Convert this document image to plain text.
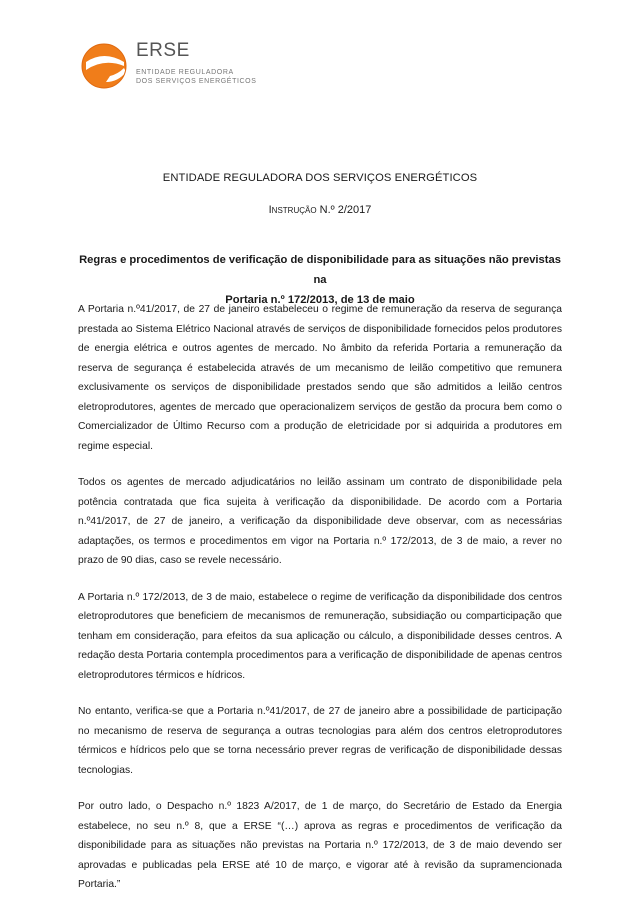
ERSE
ENTIDADE REGULADORA
DOS SERVIÇOS ENERGÉTICOS
ENTIDADE REGULADORA DOS SERVIÇOS ENERGÉTICOS
Instrução N.º 2/2017
Regras e procedimentos de verificação de disponibilidade para as situações não previstas na
Portaria n.º 172/2013, de 13 de maio

A Portaria n.º41/2017, de 27 de janeiro estabeleceu o regime de remuneração da reserva de segurança prestada ao Sistema Elétrico Nacional através de serviços de disponibilidade fornecidos pelos produtores de energia elétrica e outros agentes de mercado. No âmbito da referida Portaria a remuneração da reserva de segurança é estabelecida através de um mecanismo de leilão competitivo que remunera exclusivamente os serviços de disponibilidade prestados sendo que são admitidos a leilão centros eletroprodutores, agentes de mercado que operacionalizem serviços de gestão da procura bem como o Comercializador de Último Recurso com a produção de eletricidade por si adquirida a produtores em regime especial.

Todos os agentes de mercado adjudicatários no leilão assinam um contrato de disponibilidade pela potência contratada que fica sujeita à verificação da disponibilidade. De acordo com a Portaria n.º41/2017, de 27 de janeiro, a verificação da disponibilidade deve observar, com as necessárias adaptações, os termos e procedimentos em vigor na Portaria n.º 172/2013, de 3 de maio, a rever no prazo de 90 dias, caso se revele necessário.

A Portaria n.º 172/2013, de 3 de maio, estabelece o regime de verificação da disponibilidade dos centros eletroprodutores que beneficiem de mecanismos de remuneração, subsidiação ou comparticipação que tenham em consideração, para efeitos da sua aplicação ou cálculo, a disponibilidade desses centros. A redação desta Portaria contempla procedimentos para a verificação de disponibilidade de apenas centros eletroprodutores térmicos e hídricos.

No entanto, verifica-se que a Portaria n.º41/2017, de 27 de janeiro abre a possibilidade de participação no mecanismo de reserva de segurança a outras tecnologias para além dos centros eletroprodutores térmicos e hídricos pelo que se torna necessário prever regras de verificação de disponibilidade dessas tecnologias.

Por outro lado, o Despacho n.º 1823 A/2017, de 1 de março, do Secretário de Estado da Energia estabelece, no seu n.º 8, que a ERSE “(…) aprova as regras e procedimentos de verificação da disponibilidade para as situações não previstas na Portaria n.º 172/2013, de 3 de maio devendo ser aprovadas e publicadas pela ERSE até 10 de março, e vigorar até à revisão da supramencionada Portaria.”
